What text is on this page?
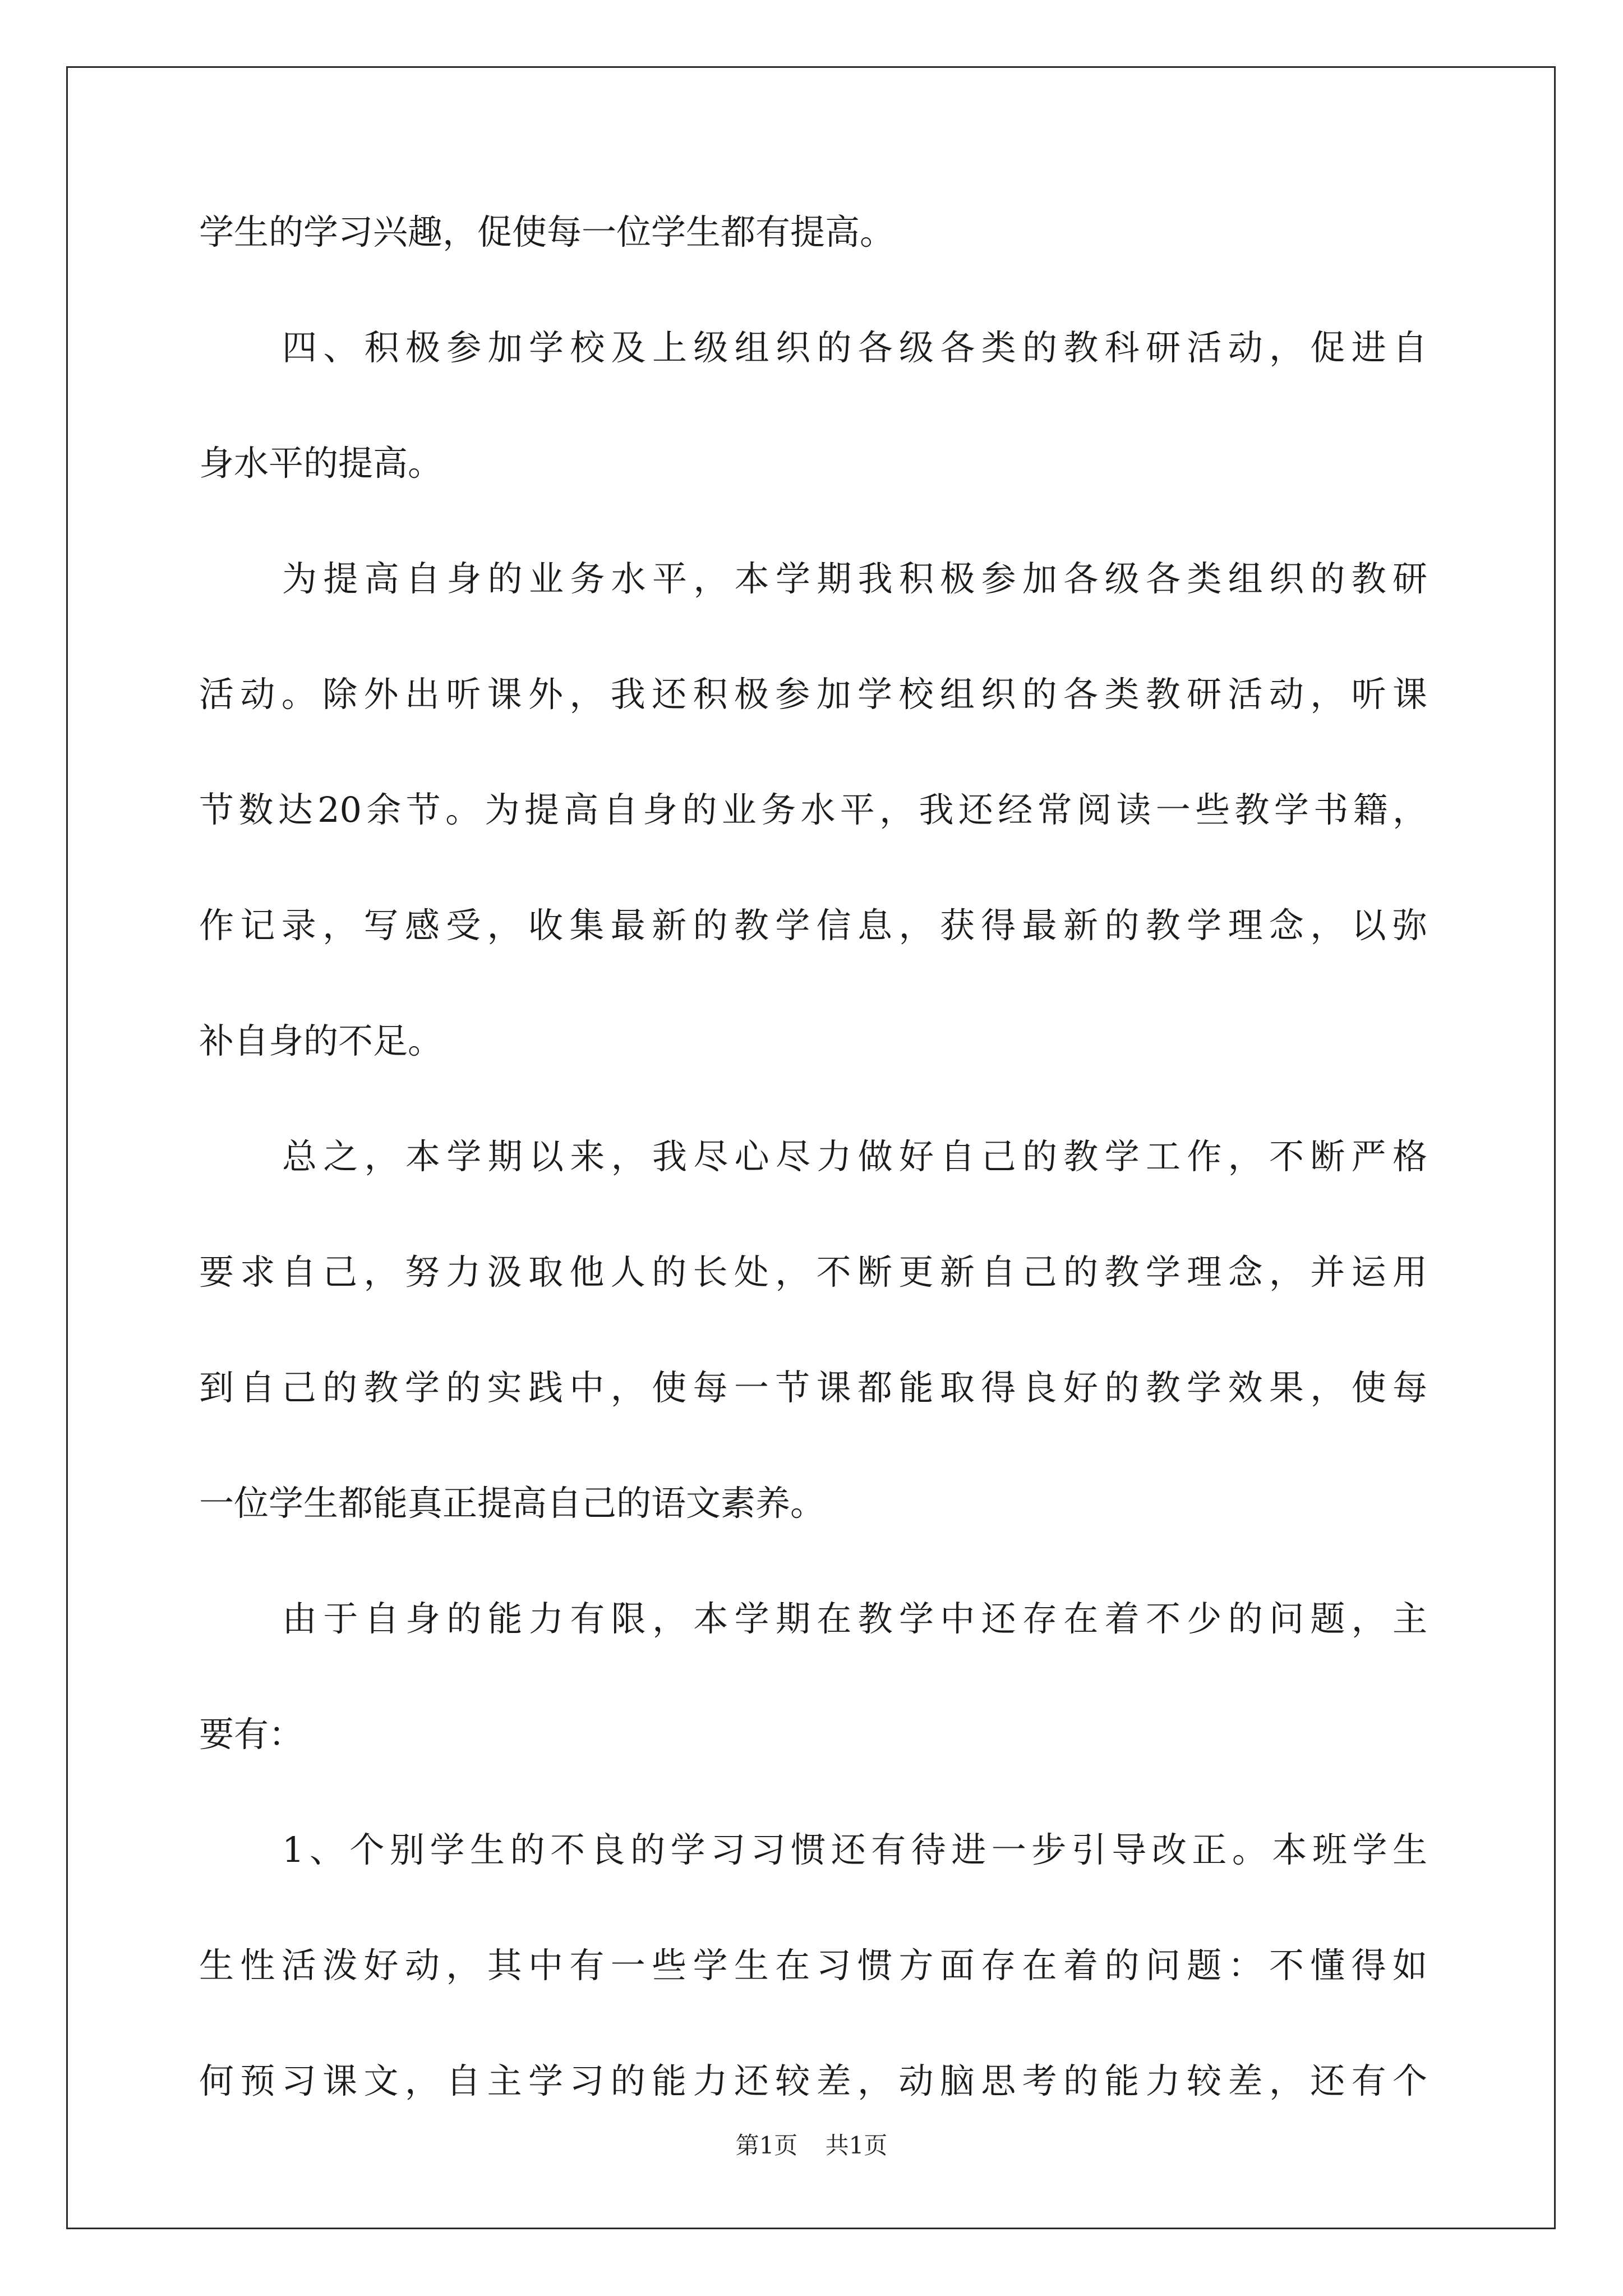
学生的学习兴趣，促使每一位学生都有提高。
四、积极参加学校及上级组织的各级各类的教科研活动，促进自
身水平的提高。
为提高自身的业务水平，本学期我积极参加各级各类组织的教研
活动。除外出听课外，我还积极参加学校组织的各类教研活动，听课
节数达20余节。为提高自身的业务水平，我还经常阅读一些教学书籍，
作记录，写感受，收集最新的教学信息，获得最新的教学理念，以弥
补自身的不足。
总之，本学期以来，我尽心尽力做好自己的教学工作，不断严格
要求自己，努力汲取他人的长处，不断更新自己的教学理念，并运用
到自己的教学的实践中，使每一节课都能取得良好的教学效果，使每
一位学生都能真正提高自己的语文素养。
由于自身的能力有限，本学期在教学中还存在着不少的问题，主
要有：
1、个别学生的不良的学习习惯还有待进一步引导改正。本班学生
生性活泼好动，其中有一些学生在习惯方面存在着的问题：不懂得如
何预习课文，自主学习的能力还较差，动脑思考的能力较差，还有个
第1页 共1页
